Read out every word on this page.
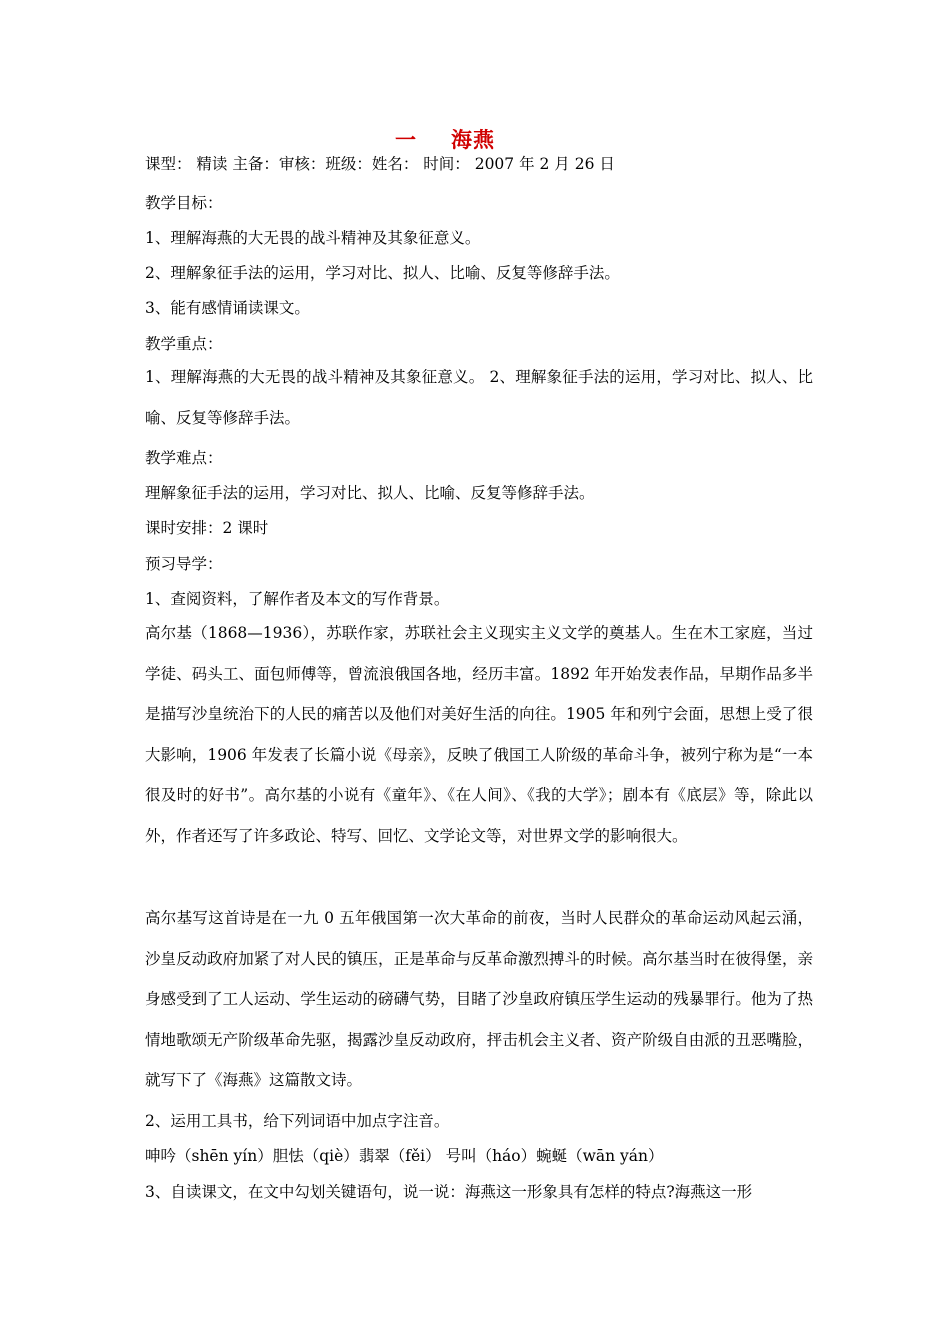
一 海燕
课型： 精读 主备：审核：班级：姓名： 时间： 2007 年 2 月 26 日
教学目标：
1、理解海燕的大无畏的战斗精神及其象征意义。
2、理解象征手法的运用，学习对比、拟人、比喻、反复等修辞手法。
3、能有感情诵读课文。
教学重点：
1、理解海燕的大无畏的战斗精神及其象征意义。 2、理解象征手法的运用，学习对比、拟人、比喻、反复等修辞手法。
教学难点：
理解象征手法的运用，学习对比、拟人、比喻、反复等修辞手法。
课时安排：2 课时
预习导学：
1、查阅资料，了解作者及本文的写作背景。
高尔基（1868—1936），苏联作家，苏联社会主义现实主义文学的奠基人。生在木工家庭，当过学徒、码头工、面包师傅等，曾流浪俄国各地，经历丰富。1892 年开始发表作品，早期作品多半是描写沙皇统治下的人民的痛苦以及他们对美好生活的向往。1905 年和列宁会面，思想上受了很大影响，1906 年发表了长篇小说《母亲》，反映了俄国工人阶级的革命斗争，被列宁称为是“一本很及时的好书”。高尔基的小说有《童年》、《在人间》、《我的大学》；剧本有《底层》等，除此以外，作者还写了许多政论、特写、回忆、文学论文等，对世界文学的影响很大。
高尔基写这首诗是在一九 0 五年俄国第一次大革命的前夜，当时人民群众的革命运动风起云涌，沙皇反动政府加紧了对人民的镇压，正是革命与反革命激烈搏斗的时候。高尔基当时在彼得堡，亲身感受到了工人运动、学生运动的磅礴气势，目睹了沙皇政府镇压学生运动的残暴罪行。他为了热情地歌颂无产阶级革命先驱，揭露沙皇反动政府，抨击机会主义者、资产阶级自由派的丑恶嘴脸，就写下了《海燕》这篇散文诗。
2、运用工具书，给下列词语中加点字注音。
呻吟（shēn yín）胆怯（qiè）翡翠（fěi） 号叫（háo）蜿蜒（wān yán）
3、自读课文，在文中勾划关键语句，说一说：海燕这一形象具有怎样的特点?海燕这一形
